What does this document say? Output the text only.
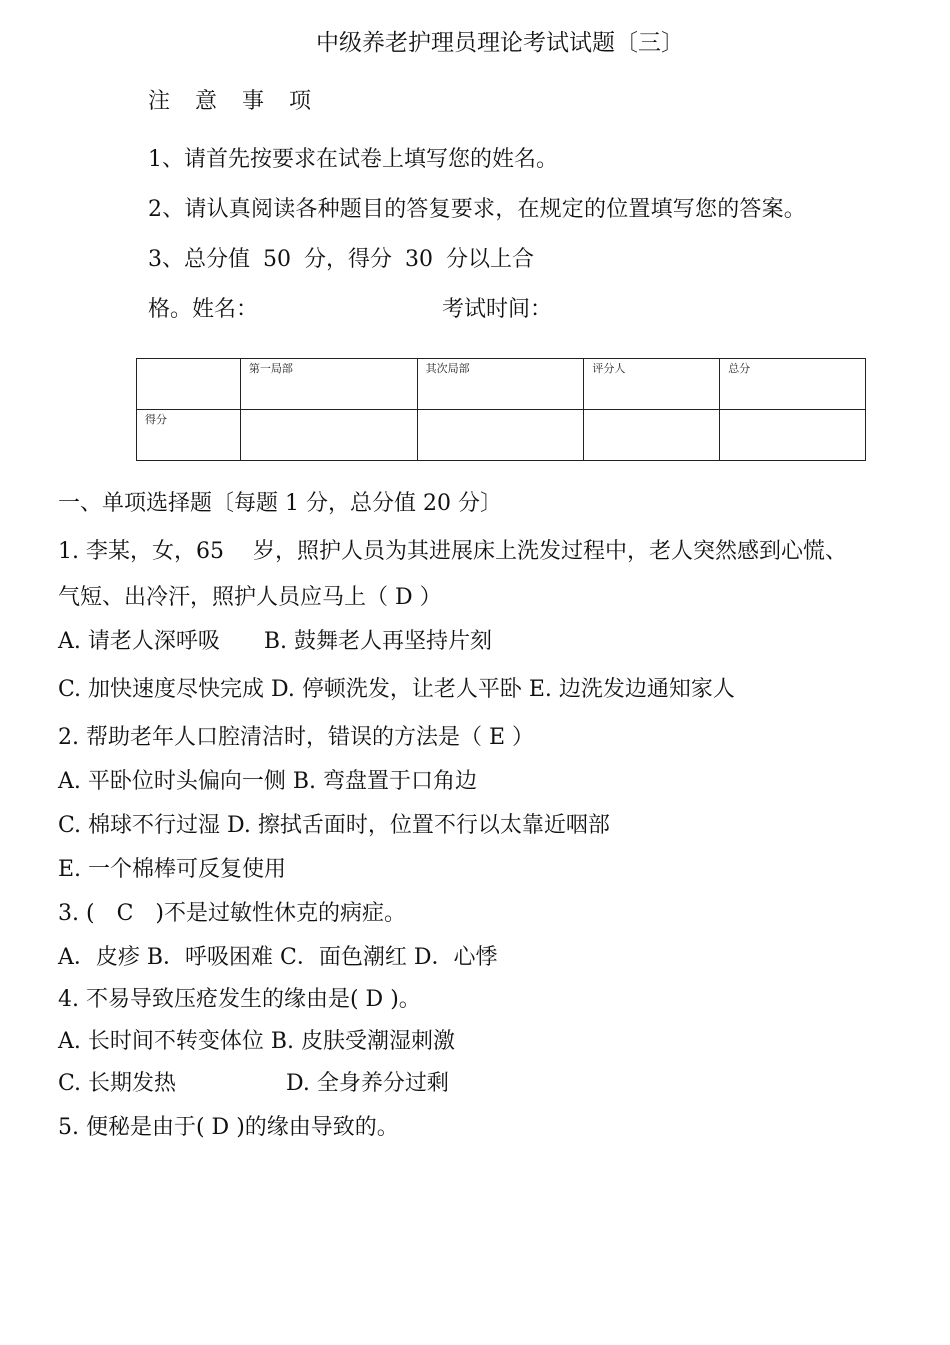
中级养老护理员理论考试试题〔三〕
注 意 事 项
1、请首先按要求在试卷上填写您的姓名。
2、请认真阅读各种题目的答复要求，在规定的位置填写您的答案。
3、总分值 50 分，得分 30 分以上合
格。姓名：	考试时间：
	第一局部	其次局部	评分人	总分
得分				
一、单项选择题〔每题 1 分，总分值 20 分〕
1. 李某，女，65　 岁，照护人员为其进展床上洗发过程中，老人突然感到心慌、
气短、出冷汗，照护人员应马上（ D ）
A. 请老人深呼吸　　B. 鼓舞老人再坚持片刻
C. 加快速度尽快完成 D. 停顿洗发，让老人平卧 E. 边洗发边通知家人
2. 帮助老年人口腔清洁时，错误的方法是（ E ）
A. 平卧位时头偏向一侧 B. 弯盘置于口角边
C. 棉球不行过湿 D. 擦拭舌面时，位置不行以太靠近咽部
E. 一个棉棒可反复使用
3. (　C　)不是过敏性休克的病症。
A．皮疹 B．呼吸困难 C．面色潮红 D．心悸
4. 不易导致压疮发生的缘由是( D )。
A. 长时间不转变体位 B. 皮肤受潮湿刺激
C. 长期发热　　　　　D. 全身养分过剩
5. 便秘是由于( D )的缘由导致的。
